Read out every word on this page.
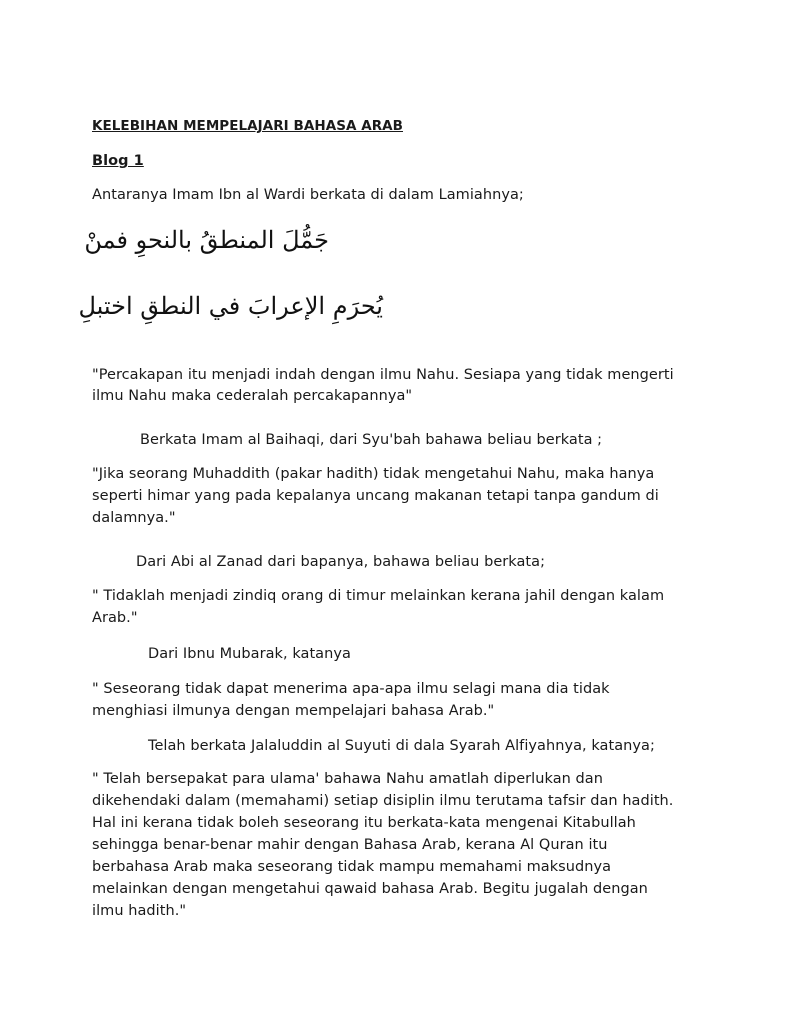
KELEBIHAN MEMPELAJARI BAHASA ARAB
Blog 1
Antaranya Imam Ibn al Wardi berkata di dalam Lamiahnya;
جَمُّلَ المنطقُ بالنحوِ فمنْ
يُحرَمِ الإعرابَ في النطقِ اختبلِ
"Percakapan itu menjadi indah dengan ilmu Nahu. Sesiapa yang tidak mengerti
ilmu Nahu maka cederalah percakapannya"
Berkata Imam al Baihaqi, dari Syu'bah bahawa beliau berkata ;
"Jika seorang Muhaddith (pakar hadith) tidak mengetahui Nahu, maka hanya
seperti himar yang pada kepalanya uncang makanan tetapi tanpa gandum di
dalamnya."
Dari Abi al Zanad dari bapanya, bahawa beliau berkata;
" Tidaklah menjadi zindiq orang di timur melainkan kerana jahil dengan kalam
Arab."
Dari Ibnu Mubarak, katanya
" Seseorang tidak dapat menerima apa-apa ilmu selagi mana dia tidak
menghiasi ilmunya dengan mempelajari bahasa Arab."
Telah berkata Jalaluddin al Suyuti di dala Syarah Alfiyahnya, katanya;
" Telah bersepakat para ulama' bahawa Nahu amatlah diperlukan dan
dikehendaki dalam (memahami) setiap disiplin ilmu terutama tafsir dan hadith.
Hal ini kerana tidak boleh seseorang itu berkata-kata mengenai Kitabullah
sehingga benar-benar mahir dengan Bahasa Arab, kerana Al Quran itu
berbahasa Arab maka seseorang tidak mampu memahami maksudnya
melainkan dengan mengetahui qawaid bahasa Arab. Begitu jugalah dengan
ilmu hadith."
